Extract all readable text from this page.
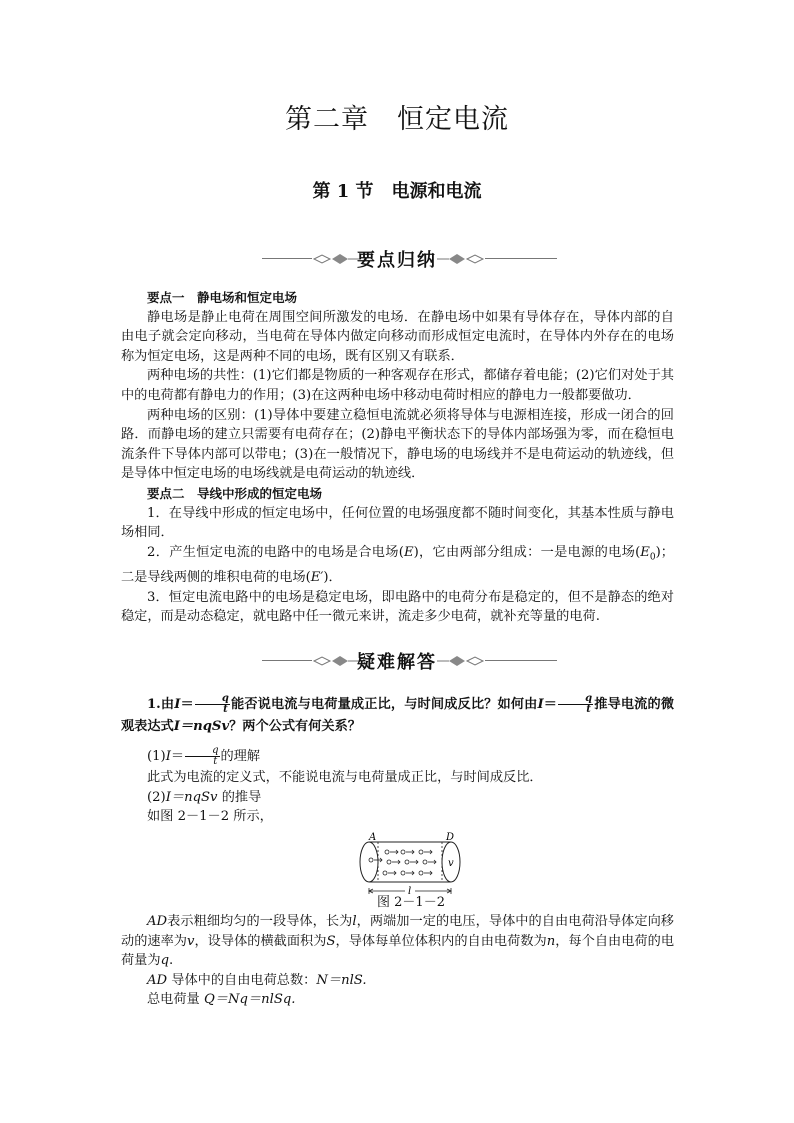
第二章　恒定电流
第 1 节　电源和电流
要点归纳

要点一　静电场和恒定电场

静电场是静止电荷在周围空间所激发的电场．在静电场中如果有导体存在，导体内部的自由电子就会定向移动，当电荷在导体内做定向移动而形成恒定电流时，在导体内外存在的电场称为恒定电场，这是两种不同的电场，既有区别又有联系．

两种电场的共性：(1)它们都是物质的一种客观存在形式，都储存着电能；(2)它们对处于其中的电荷都有静电力的作用；(3)在这两种电场中移动电荷时相应的静电力一般都要做功．

两种电场的区别：(1)导体中要建立稳恒电流就必须将导体与电源相连接，形成一闭合的回路．而静电场的建立只需要有电荷存在；(2)静电平衡状态下的导体内部场强为零，而在稳恒电流条件下导体内部可以带电；(3)在一般情况下，静电场的电场线并不是电荷运动的轨迹线，但是导体中恒定电场的电场线就是电荷运动的轨迹线．

要点二　导线中形成的恒定电场

1．在导线中形成的恒定电场中，任何位置的电场强度都不随时间变化，其基本性质与静电场相同．

2．产生恒定电流的电路中的电场是合电场(E)，它由两部分组成：一是电源的电场$(E_0)$；二是导线两侧的堆积电荷的电场(E′)．

3．恒定电流电路中的电场是稳定电场，即电路中的电荷分布是稳定的，但不是静态的绝对稳定，而是动态稳定，就电路中任一微元来讲，流走多少电荷，就补充等量的电荷.

疑难解答

1.由$I= \frac{q}{t}$ 能否说电流与电荷量成正比，与时间成反比？如何由$I= \frac{q}{t}$ 推导电流的微观表达式I＝nqSv？两个公式有何关系？

$(1)I= \frac{q}{t}$ 的理解

此式为电流的定义式，不能说电流与电荷量成正比，与时间成反比．

(2)I＝nqSv 的推导

如图 2－1－2 所示，

A	D
v
l
图 2－1－2

AD表示粗细均匀的一段导体，长为l，两端加一定的电压，导体中的自由电荷沿导体定向移动的速率为v，设导体的横截面积为S，导体每单位体积内的自由电荷数为n，每个自由电荷的电荷量为q.

AD 导体中的自由电荷总数：N＝nlS.

总电荷量 Q＝Nq＝nlSq.
